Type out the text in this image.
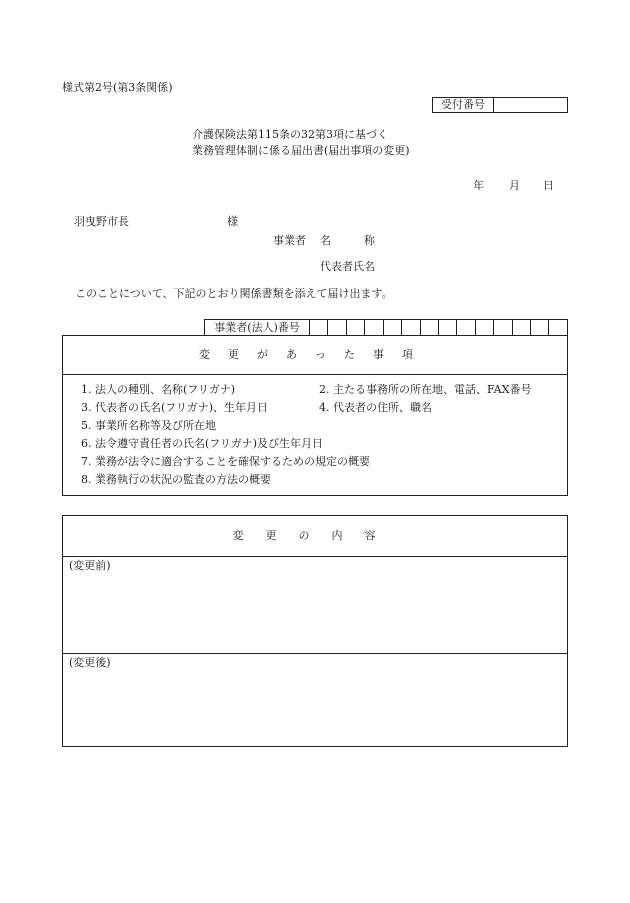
様式第2号(第3条関係)
受付番号
介護保険法第115条の32第3項に基づく
業務管理体制に係る届出書(届出事項の変更)
年 月 日
羽曳野市長	様
事業者 名　　　称
代表者氏名
このことについて、下記のとおり関係書類を添えて届け出ます。
事業者(法人)番号
変更があった事項
1. 法人の種別、名称(フリガナ)	2. 主たる事務所の所在地、電話、FAX番号
3. 代表者の氏名(フリガナ)、生年月日	4. 代表者の住所、職名
5. 事業所名称等及び所在地
6. 法令遵守責任者の氏名(フリガナ)及び生年月日
7. 業務が法令に適合することを確保するための規定の概要
8. 業務執行の状況の監査の方法の概要
変更の内容
(変更前)
(変更後)
